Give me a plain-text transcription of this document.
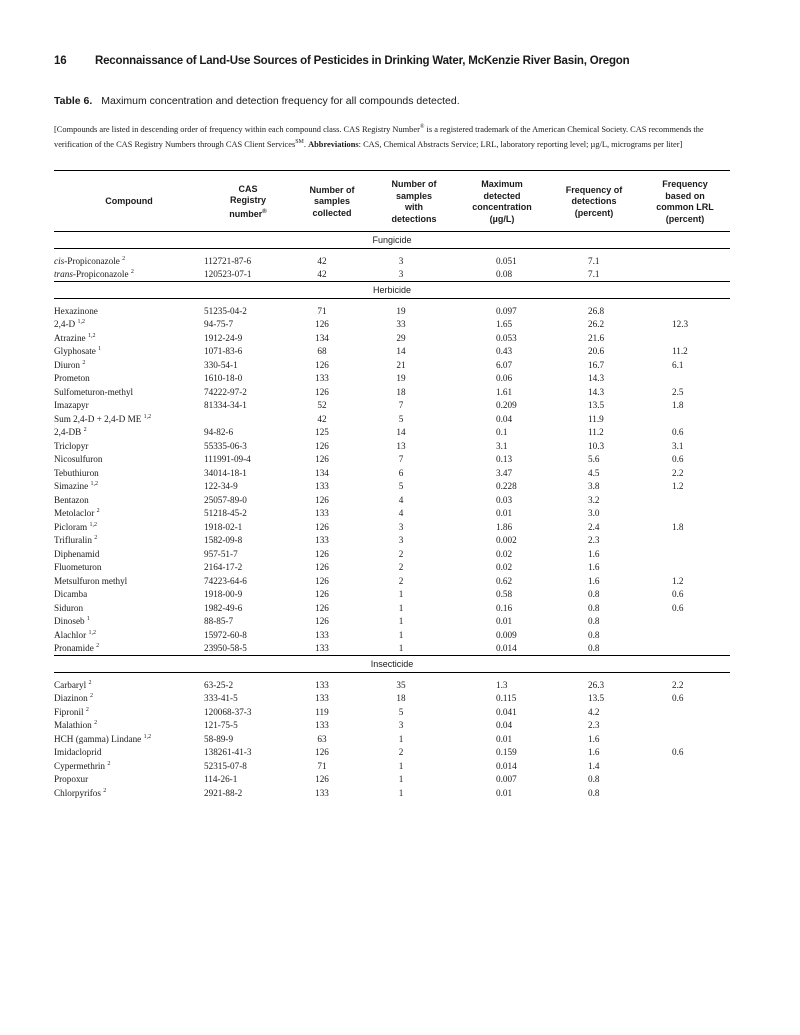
16 Reconnaissance of Land-Use Sources of Pesticides in Drinking Water, McKenzie River Basin, Oregon
Table 6. Maximum concentration and detection frequency for all compounds detected.
[Compounds are listed in descending order of frequency within each compound class. CAS Registry Number® is a registered trademark of the American Chemical Society. CAS recommends the verification of the CAS Registry Numbers through CAS Client Services℠. Abbreviations: CAS, Chemical Abstracts Service; LRL, laboratory reporting level; µg/L, micrograms per liter]
Compound	CAS
Registry
number®	Number of
samples
collected	Number of
samples
with
detections	Maximum
detected
concentration
(µg/L)	Frequency of
detections
(percent)	Frequency
based on
common LRL
(percent)
Fungicide						
cis-Propiconazole $^2$	112721-87-6	42	3	0.051	7.1	
trans-Propiconazole $^2$	120523-07-1	42	3	0.08	7.1	
Herbicide						
Hexazinone	51235-04-2	71	19	0.097	26.8	
2,4-D $^{1,2}$	94-75-7	126	33	1.65	26.2	12.3
Atrazine $^{1,2}$	1912-24-9	134	29	0.053	21.6	
Glyphosate $^1$	1071-83-6	68	14	0.43	20.6	11.2
Diuron $^2$	330-54-1	126	21	6.07	16.7	6.1
Prometon	1610-18-0	133	19	0.06	14.3	
Sulfometuron-methyl	74222-97-2	126	18	1.61	14.3	2.5
Imazapyr	81334-34-1	52	7	0.209	13.5	1.8
Sum 2,4-D + 2,4-D ME $^{1,2}$		42	5	0.04	11.9	
2,4-DB $^2$	94-82-6	125	14	0.1	11.2	0.6
Triclopyr	55335-06-3	126	13	3.1	10.3	3.1
Nicosulfuron	111991-09-4	126	7	0.13	5.6	0.6
Tebuthiuron	34014-18-1	134	6	3.47	4.5	2.2
Simazine $^{1,2}$	122-34-9	133	5	0.228	3.8	1.2
Bentazon	25057-89-0	126	4	0.03	3.2	
Metolaclor $^2$	51218-45-2	133	4	0.01	3.0	
Picloram $^{1,2}$	1918-02-1	126	3	1.86	2.4	1.8
Trifluralin $^2$	1582-09-8	133	3	0.002	2.3	
Diphenamid	957-51-7	126	2	0.02	1.6	
Fluometuron	2164-17-2	126	2	0.02	1.6	
Metsulfuron methyl	74223-64-6	126	2	0.62	1.6	1.2
Dicamba	1918-00-9	126	1	0.58	0.8	0.6
Siduron	1982-49-6	126	1	0.16	0.8	0.6
Dinoseb $^1$	88-85-7	126	1	0.01	0.8	
Alachlor $^{1,2}$	15972-60-8	133	1	0.009	0.8	
Pronamide $^2$	23950-58-5	133	1	0.014	0.8	
Insecticide						
Carbaryl $^2$	63-25-2	133	35	1.3	26.3	2.2
Diazinon $^2$	333-41-5	133	18	0.115	13.5	0.6
Fipronil $^2$	120068-37-3	119	5	0.041	4.2	
Malathion $^2$	121-75-5	133	3	0.04	2.3	
HCH (gamma) Lindane $^{1,2}$	58-89-9	63	1	0.01	1.6	
Imidacloprid	138261-41-3	126	2	0.159	1.6	0.6
Cypermethrin $^2$	52315-07-8	71	1	0.014	1.4	
Propoxur	114-26-1	126	1	0.007	0.8	
Chlorpyrifos $^2$	2921-88-2	133	1	0.01	0.8	
